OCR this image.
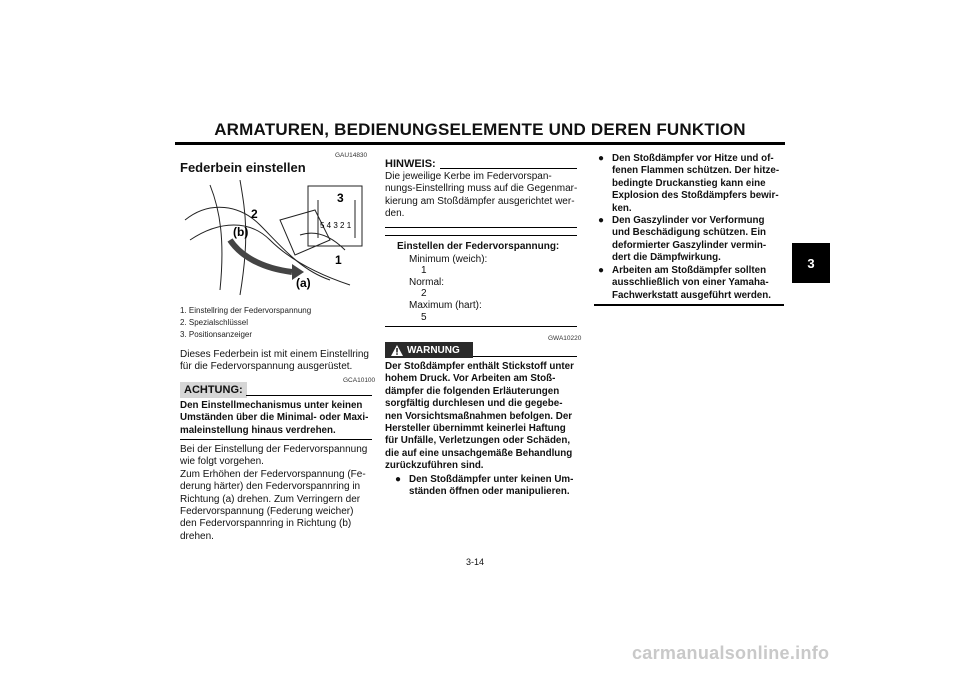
ARMATUREN, BEDIENUNGSELEMENTE UND DEREN FUNKTION
3
GAU14830
Federbein einstellen
2
(b)
3
5 4 3 2 1
1
(a)
1. Einstellring der Federvorspannung
2. Spezialschlüssel
3. Positionsanzeiger
Dieses Federbein ist mit einem Einstellring für die Federvorspannung ausgerüstet.
ACHTUNG:
GCA10100
Den Einstellmechanismus unter keinen Umständen über die Minimal- oder Maxi-maleinstellung hinaus verdrehen.
Bei der Einstellung der Federvorspannung wie folgt vorgehen.
Zum Erhöhen der Federvorspannung (Fe-derung härter) den Federvorspannring in Richtung (a) drehen. Zum Verringern der Federvorspannung (Federung weicher) den Federvorspannring in Richtung (b) drehen.
HINWEIS:
Die jeweilige Kerbe im Federvorspan-nungs-Einstellring muss auf die Gegenmar-kierung am Stoßdämpfer ausgerichtet wer-den.
Einstellen der Federvorspannung:
Minimum (weich):
1
Normal:
2
Maximum (hart):
5
GWA10220
WARNUNG
Der Stoßdämpfer enthält Stickstoff unter hohem Druck. Vor Arbeiten am Stoß-dämpfer die folgenden Erläuterungen sorgfältig durchlesen und die gegebe-nen Vorsichtsmaßnahmen befolgen. Der Hersteller übernimmt keinerlei Haftung für Unfälle, Verletzungen oder Schäden, die auf eine unsachgemäße Behandlung zurückzuführen sind.
● Den Stoßdämpfer unter keinen Um-ständen öffnen oder manipulieren.
● Den Stoßdämpfer vor Hitze und of-fenen Flammen schützen. Der hitze-bedingte Druckanstieg kann eine Explosion des Stoßdämpfers bewir-ken.
● Den Gaszylinder vor Verformung und Beschädigung schützen. Ein deformierter Gaszylinder vermin-dert die Dämpfwirkung.
● Arbeiten am Stoßdämpfer sollten ausschließlich von einer Yamaha-Fachwerkstatt ausgeführt werden.
3-14
carmanualsonline.info
